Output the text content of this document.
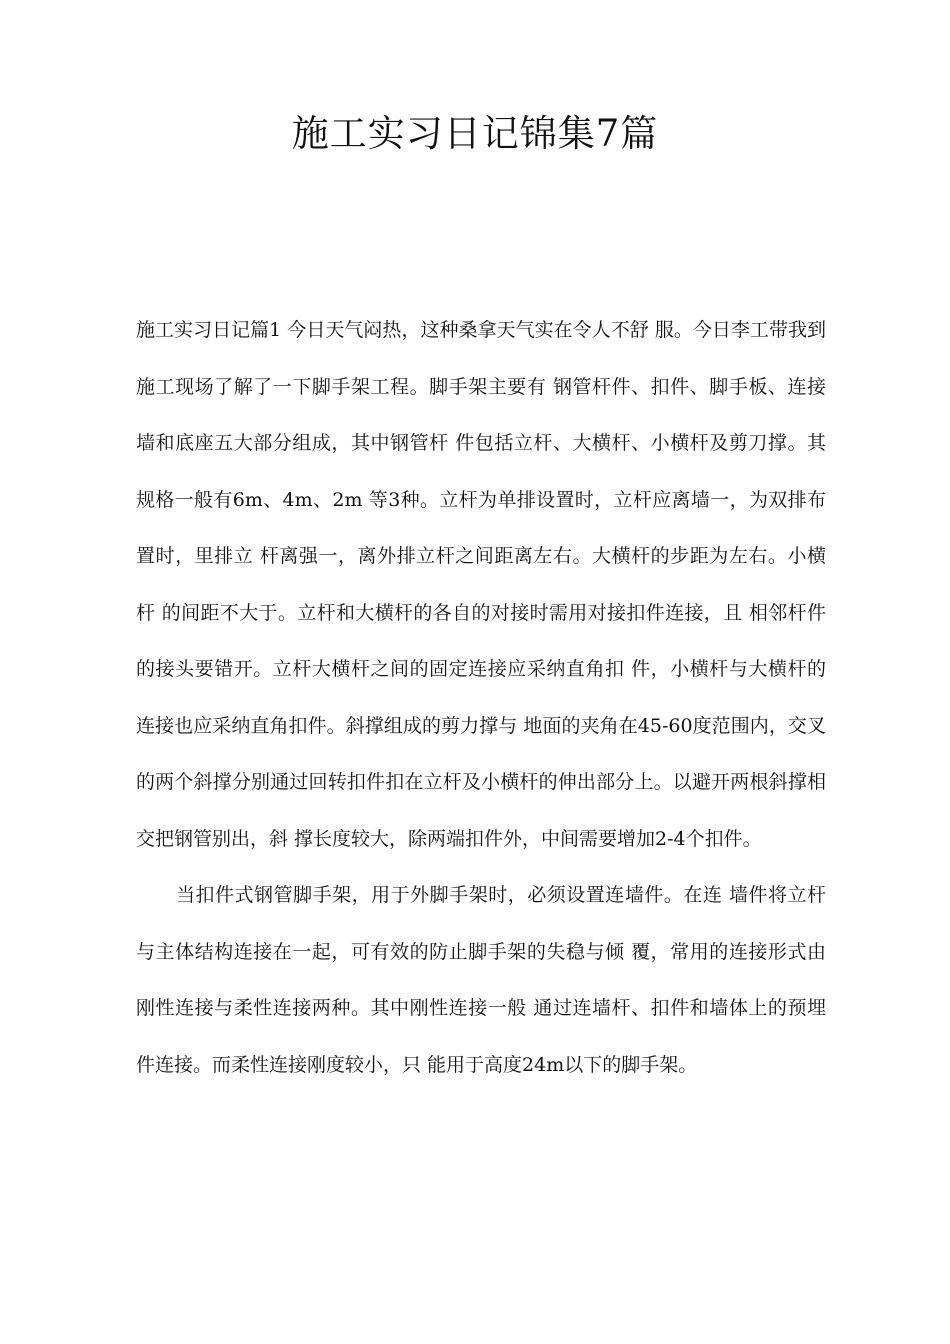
施工实习日记锦集7篇

施工实习日记篇1 今日天气闷热，这种桑拿天气实在令人不舒 服。今日李工带我到施工现场了解了一下脚手架工程。脚手架主要有 钢管杆件、扣件、脚手板、连接墙和底座五大部分组成，其中钢管杆 件包括立杆、大横杆、小横杆及剪刀撑。其规格一般有6m、4m、2m 等3种。立杆为单排设置时，立杆应离墙一，为双排布置时，里排立 杆离强一，离外排立杆之间距离左右。大横杆的步距为左右。小横杆 的间距不大于。立杆和大横杆的各自的对接时需用对接扣件连接，且 相邻杆件的接头要错开。立杆大横杆之间的固定连接应采纳直角扣 件，小横杆与大横杆的连接也应采纳直角扣件。斜撑组成的剪力撑与 地面的夹角在45-60度范围内，交叉的两个斜撑分别通过回转扣件扣在立杆及小横杆的伸出部分上。以避开两根斜撑相交把钢管别出，斜 撑长度较大，除两端扣件外，中间需要增加2-4个扣件。

当扣件式钢管脚手架，用于外脚手架时，必须设置连墙件。在连 墙件将立杆与主体结构连接在一起，可有效的防止脚手架的失稳与倾 覆，常用的连接形式由刚性连接与柔性连接两种。其中刚性连接一般 通过连墙杆、扣件和墙体上的预埋件连接。而柔性连接刚度较小，只 能用于高度24m以下的脚手架。
